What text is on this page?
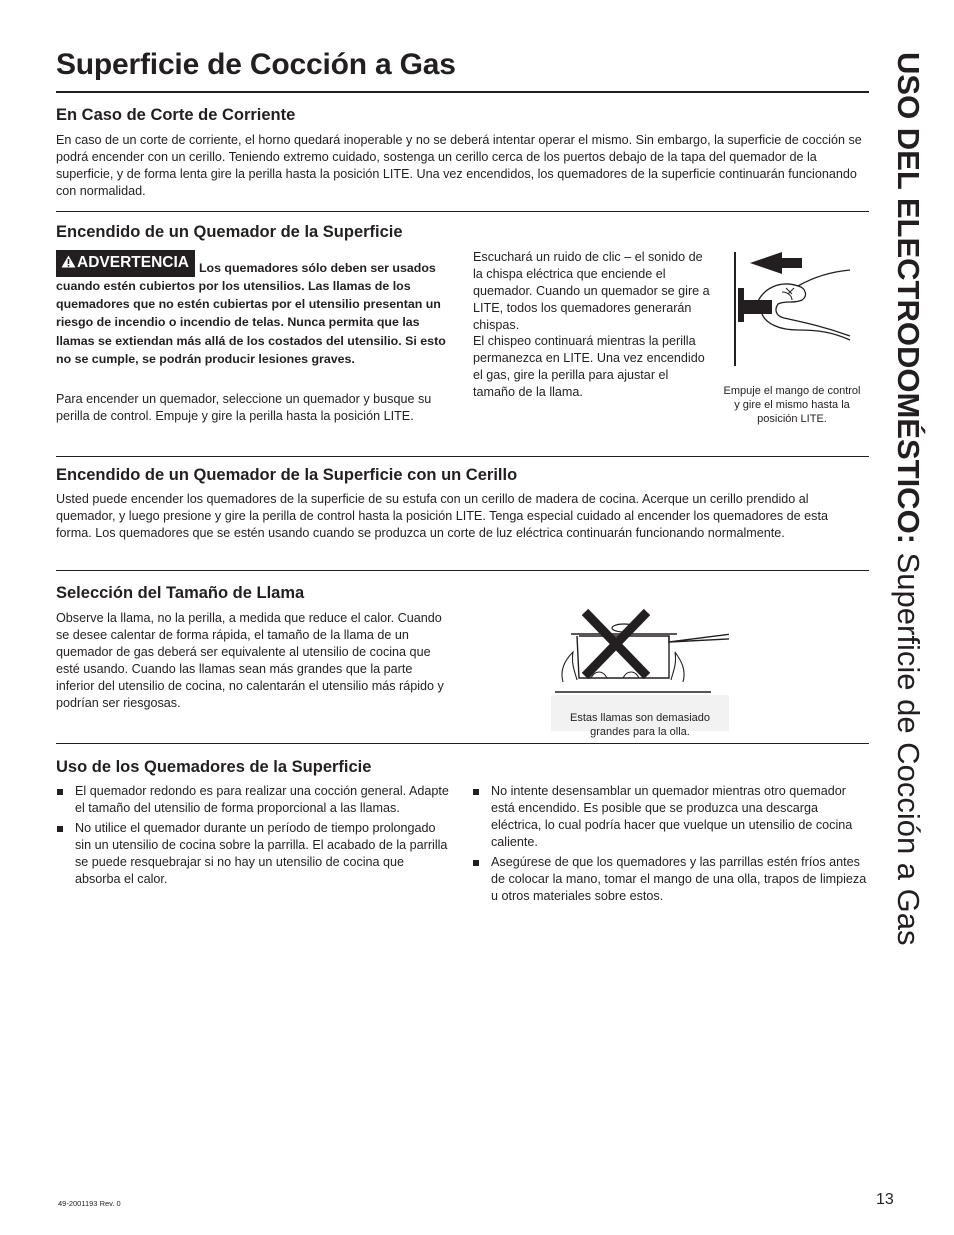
Superficie de Cocción a Gas	USO DEL ELECTRODOMÉSTICO: Superficie de Cocción a Gas
En Caso de Corte de Corriente

En caso de un corte de corriente, el horno quedará inoperable y no se deberá intentar operar el mismo. Sin embargo, la superficie de cocción se podrá encender con un cerillo. Teniendo extremo cuidado, sostenga un cerillo cerca de los puertos debajo de la tapa del quemador de la superficie, y de forma lenta gire la perilla hasta la posición LITE. Una vez encendidos, los quemadores de la superficie continuarán funcionando con normalidad.

Encendido de un Quemador de la Superficie
ADVERTENCIA Los quemadores sólo deben ser usados cuando estén cubiertos por los utensilios. Las llamas de los quemadores que no estén cubiertas por el utensilio presentan un riesgo de incendio o incendio de telas. Nunca permita que las llamas se extiendan más allá de los costados del utensilio. Si esto no se cumple, se podrán producir lesiones graves.

Para encender un quemador, seleccione un quemador y busque su perilla de control. Empuje y gire la perilla hasta la posición LITE.

Escuchará un ruido de clic – el sonido de la chispa eléctrica que enciende el quemador. Cuando un quemador se gire a LITE, todos los quemadores generarán chispas.

El chispeo continuará mientras la perilla permanezca en LITE. Una vez encendido el gas, gire la perilla para ajustar el tamaño de la llama.	Empuje el mango de control y gire el mismo hasta la posición LITE.

Encendido de un Quemador de la Superficie con un Cerillo

Usted puede encender los quemadores de la superficie de su estufa con un cerillo de madera de cocina. Acerque un cerillo prendido al quemador, y luego presione y gire la perilla de control hasta la posición LITE. Tenga especial cuidado al encender los quemadores de esta forma. Los quemadores que se estén usando cuando se produzca un corte de luz eléctrica continuarán funcionando normalmente.

Selección del Tamaño de Llama

Observe la llama, no la perilla, a medida que reduce el calor. Cuando se desee calentar de forma rápida, el tamaño de la llama de un quemador de gas deberá ser equivalente al utensilio de cocina que esté usando. Cuando las llamas sean más grandes que la parte inferior del utensilio de cocina, no calentarán el utensilio más rápido y podrían ser riesgosas.

Estas llamas son demasiado grandes para la olla.

Uso de los Quemadores de la Superficie
El quemador redondo es para realizar una cocción general. Adapte el tamaño del utensilio de forma proporcional a las llamas.
No utilice el quemador durante un período de tiempo prolongado sin un utensilio de cocina sobre la parrilla. El acabado de la parrilla se puede resquebrajar si no hay un utensilio de cocina que absorba el calor.
No intente desensamblar un quemador mientras otro quemador está encendido. Es posible que se produzca una descarga eléctrica, lo cual podría hacer que vuelque un utensilio de cocina caliente.
Asegúrese de que los quemadores y las parrillas estén fríos antes de colocar la mano, tomar el mango de una olla, trapos de limpieza u otros materiales sobre estos.
49-2001193 Rev. 0	13
